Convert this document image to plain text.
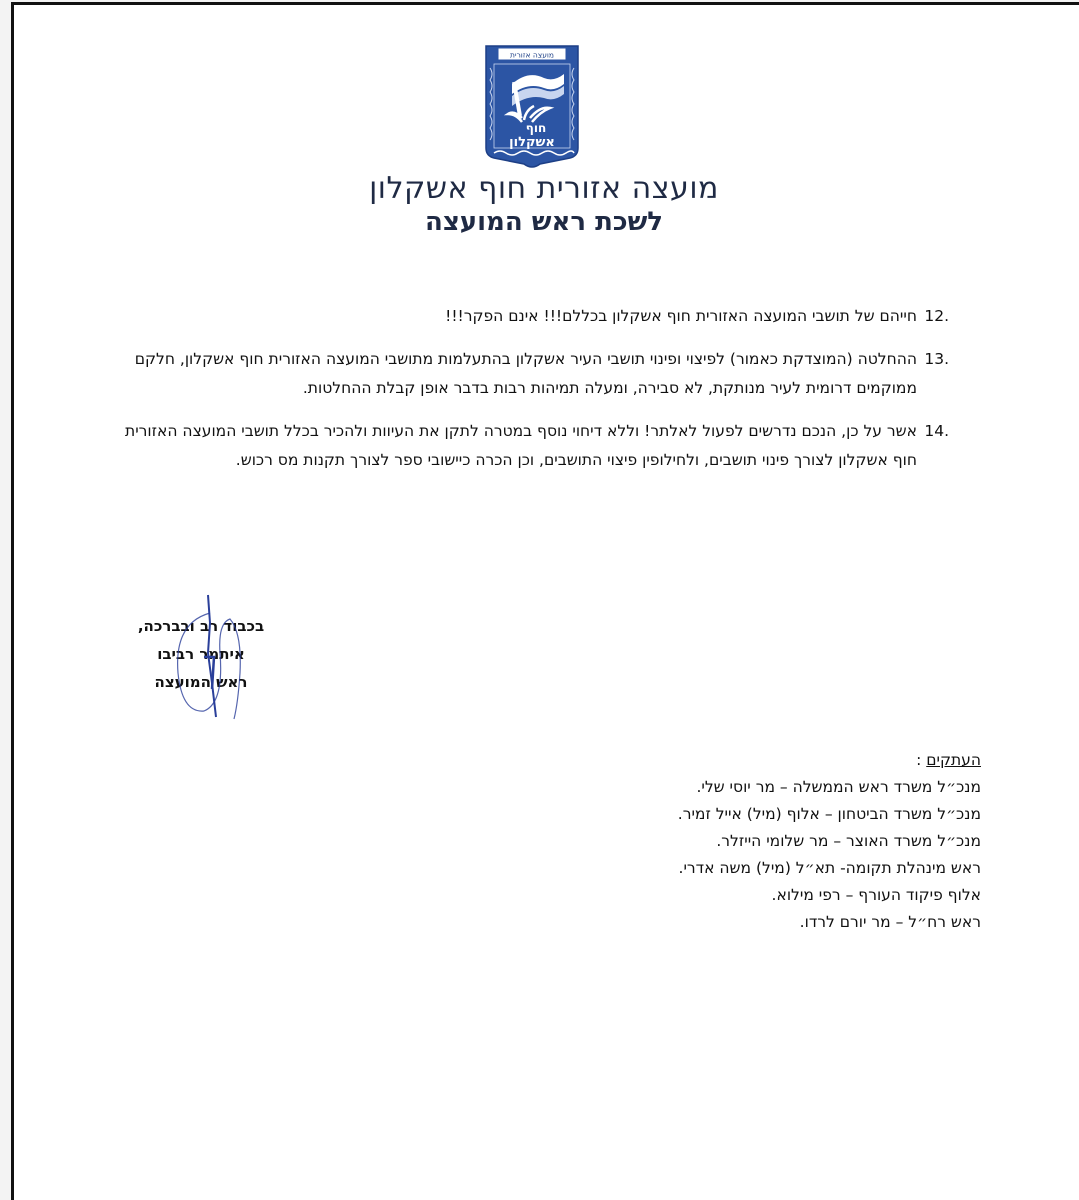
מועצה אזורית
חוף
אשקלון
מועצה אזורית חוף אשקלון
לשכת ראש המועצה
12.
חייהם של תושבי המועצה האזורית חוף אשקלון בכללם!!! אינם הפקר!!!
13.
ההחלטה (המוצדקת כאמור) לפיצוי ופינוי תושבי העיר אשקלון בהתעלמות מתושבי המועצה האזורית חוף אשקלון, חלקם ממוקמים דרומית לעיר מנותקת, לא סבירה, ומעלה תמיהות רבות בדבר אופן קבלת ההחלטות.
14.
אשר על כן, הנכם נדרשים לפעול לאלתר! וללא דיחוי נוסף במטרה לתקן את העיוות ולהכיר בכלל תושבי המועצה האזורית חוף אשקלון לצורך פינוי תושבים, ולחילופין פיצוי התושבים, וכן הכרה כיישובי ספר לצורך תקנות מס רכוש.
בכבוד רב ובברכה,
איתמר רביבו
ראש המועצה
העתקים :
מנכ״ל משרד ראש הממשלה – מר יוסי שלי.
מנכ״ל משרד הביטחון – אלוף (מיל) אייל זמיר.
מנכ״ל משרד האוצר – מר שלומי הייזלר.
ראש מינהלת תקומה- תא״ל (מיל) משה אדרי.
אלוף פיקוד העורף – רפי מילוא.
ראש רח״ל – מר יורם לרדו.
